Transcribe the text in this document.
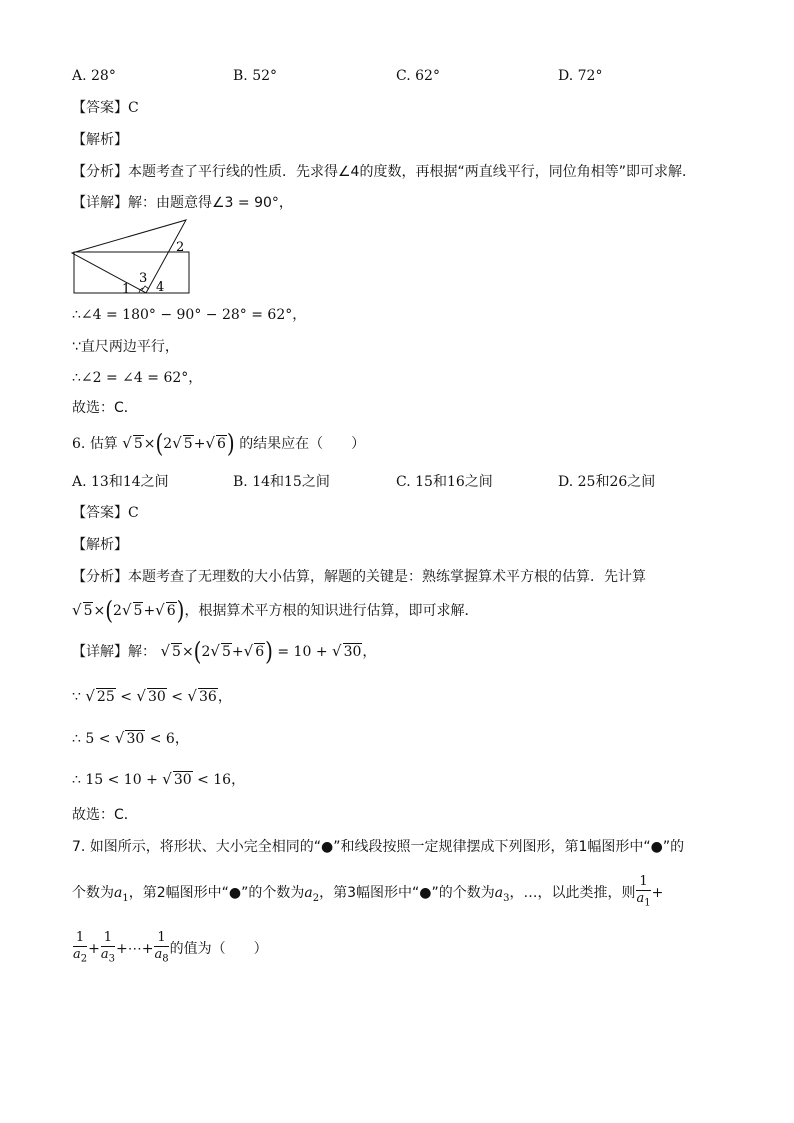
A. 28°	B. 52°	C. 62°	D. 72°
【答案】C
【解析】
【分析】本题考查了平行线的性质．先求得∠4的度数，再根据“两直线平行，同位角相等”即可求解．
【详解】解：由题意得∠3 = 90°，
1
2
3
4
∴∠4 = 180° − 90° − 28° = 62°，
∵直尺两边平行，
∴∠2 = ∠4 = 62°，
故选：C．
6. 估算 √ 5×(2√ 5+√ 6) 的结果应在（　　）
A. 13和14之间	B. 14和15之间	C. 15和16之间	D. 25和26之间
【答案】C
【解析】
【分析】本题考查了无理数的大小估算，解题的关键是：熟练掌握算术平方根的估算．先计算
√ 5×(2√ 5+√ 6)，根据算术平方根的知识进行估算，即可求解．
【详解】解： √ 5×(2√ 5+√ 6) = 10 + √ 30，
∵ √ 25 < √ 30 < √ 36，
∴ 5 < √ 30 < 6，
∴ 15 < 10 + √ 30 < 16，
故选：C．
7. 如图所示，将形状、大小完全相同的“●”和线段按照一定规律摆成下列图形，第1幅图形中“●”的
个数为$a_1$，第2幅图形中“●”的个数为$a_2$，第3幅图形中“●”的个数为$a_3$，…，以此类推，则 $\frac{1}{a_1}$ +
$\frac{1}{a_2} + \frac{1}{a_3}$ +⋯+ $\frac{1}{a_8}$ 的值为（　　）
